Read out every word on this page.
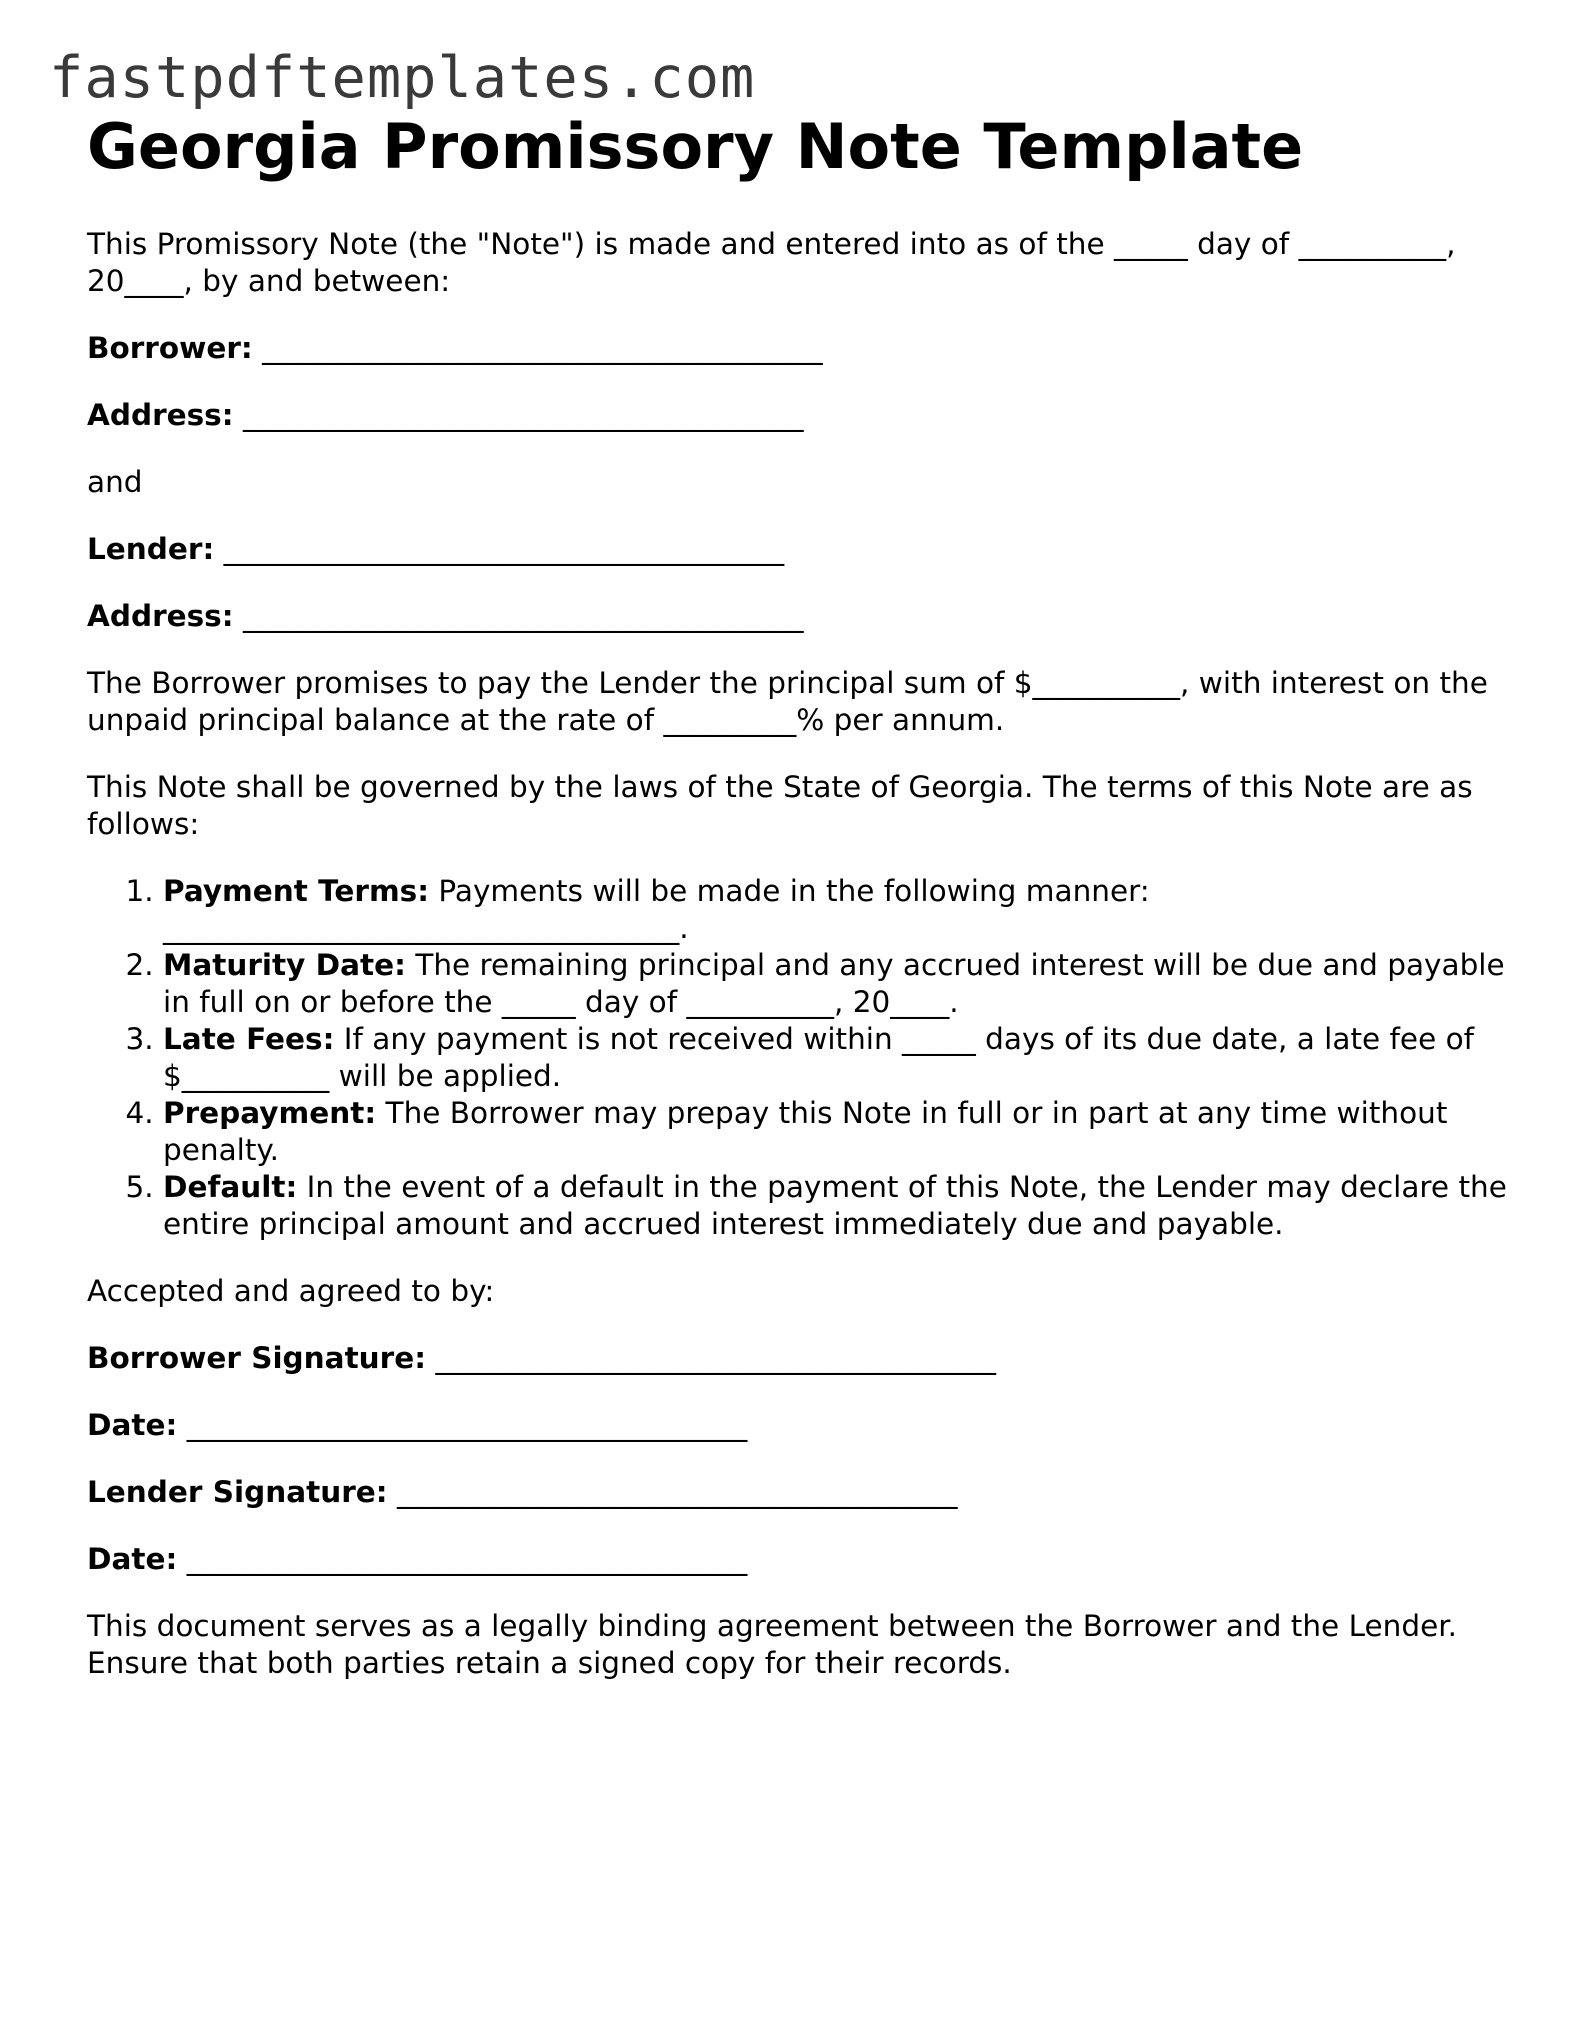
fastpdftemplates.com
Georgia Promissory Note Template

This Promissory Note (the "Note") is made and entered into as of the _____ day of __________, 20____, by and between:

Borrower: ______________________________________

Address: ______________________________________

and

Lender: ______________________________________

Address: ______________________________________

The Borrower promises to pay the Lender the principal sum of $__________, with interest on the unpaid principal balance at the rate of _________% per annum.

This Note shall be governed by the laws of the State of Georgia. The terms of this Note are as follows:

1. Payment Terms: Payments will be made in the following manner: ___________________________________.
2. Maturity Date: The remaining principal and any accrued interest will be due and payable in full on or before the _____ day of __________, 20____.
3. Late Fees: If any payment is not received within _____ days of its due date, a late fee of $__________ will be applied.
4. Prepayment: The Borrower may prepay this Note in full or in part at any time without penalty.
5. Default: In the event of a default in the payment of this Note, the Lender may declare the entire principal amount and accrued interest immediately due and payable.

Accepted and agreed to by:

Borrower Signature: ______________________________________

Date: ______________________________________

Lender Signature: ______________________________________

Date: ______________________________________

This document serves as a legally binding agreement between the Borrower and the Lender. Ensure that both parties retain a signed copy for their records.
